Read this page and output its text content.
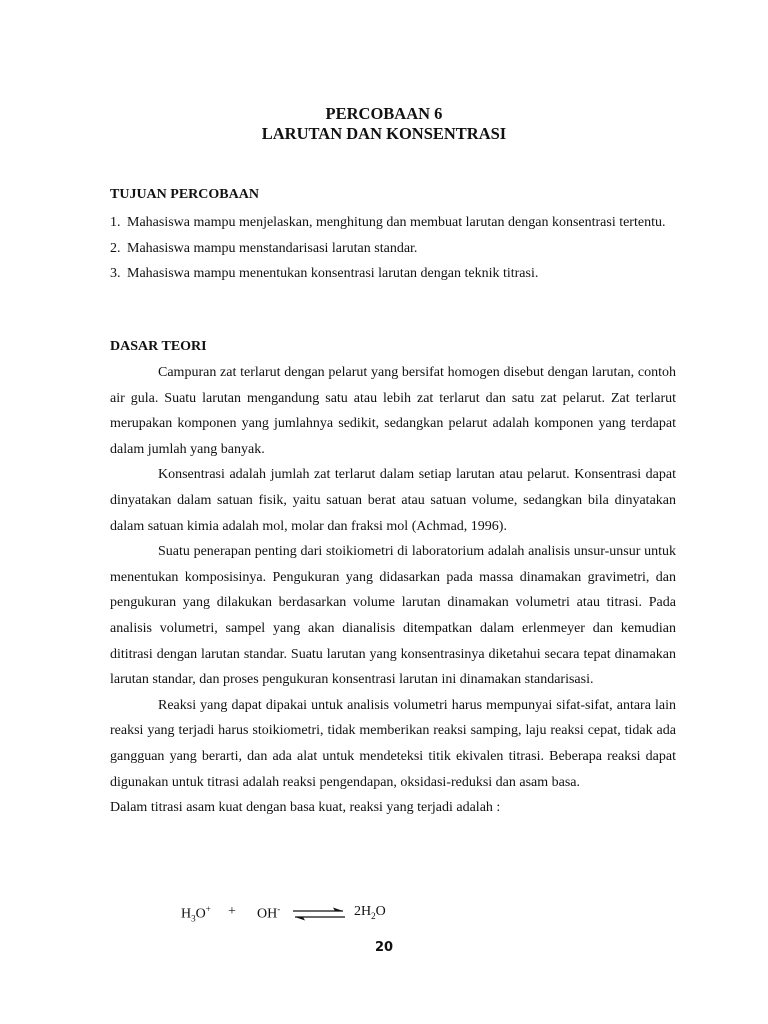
PERCOBAAN 6
LARUTAN DAN KONSENTRASI
TUJUAN PERCOBAAN
1. Mahasiswa mampu menjelaskan, menghitung dan membuat larutan dengan konsentrasi tertentu.
2. Mahasiswa mampu menstandarisasi larutan standar.
3. Mahasiswa mampu menentukan konsentrasi larutan dengan teknik titrasi.
DASAR TEORI

Campuran zat terlarut dengan pelarut yang bersifat homogen disebut dengan larutan, contoh air gula. Suatu larutan mengandung satu atau lebih zat terlarut dan satu zat pelarut. Zat terlarut merupakan komponen yang jumlahnya sedikit, sedangkan pelarut adalah komponen yang terdapat dalam jumlah yang banyak.

Konsentrasi adalah jumlah zat terlarut dalam setiap larutan atau pelarut. Konsentrasi dapat dinyatakan dalam satuan fisik, yaitu satuan berat atau satuan volume, sedangkan bila dinyatakan dalam satuan kimia adalah mol, molar dan fraksi mol (Achmad, 1996).

Suatu penerapan penting dari stoikiometri di laboratorium adalah analisis unsur-unsur untuk menentukan komposisinya. Pengukuran yang didasarkan pada massa dinamakan gravimetri, dan pengukuran yang dilakukan berdasarkan volume larutan dinamakan volumetri atau titrasi. Pada analisis volumetri, sampel yang akan dianalisis ditempatkan dalam erlenmeyer dan kemudian dititrasi dengan larutan standar. Suatu larutan yang konsentrasinya diketahui secara tepat dinamakan larutan standar, dan proses pengukuran konsentrasi larutan ini dinamakan standarisasi.

Reaksi yang dapat dipakai untuk analisis volumetri harus mempunyai sifat-sifat, antara lain reaksi yang terjadi harus stoikiometri, tidak memberikan reaksi samping, laju reaksi cepat, tidak ada gangguan yang berarti, dan ada alat untuk mendeteksi titik ekivalen titrasi. Beberapa reaksi dapat digunakan untuk titrasi adalah reaksi pengendapan, oksidasi-reduksi dan asam basa.

Dalam titrasi asam kuat dengan basa kuat, reaksi yang terjadi adalah :

$H_3O^+ + OH^-$ ⇌ $2H_2O$
20
